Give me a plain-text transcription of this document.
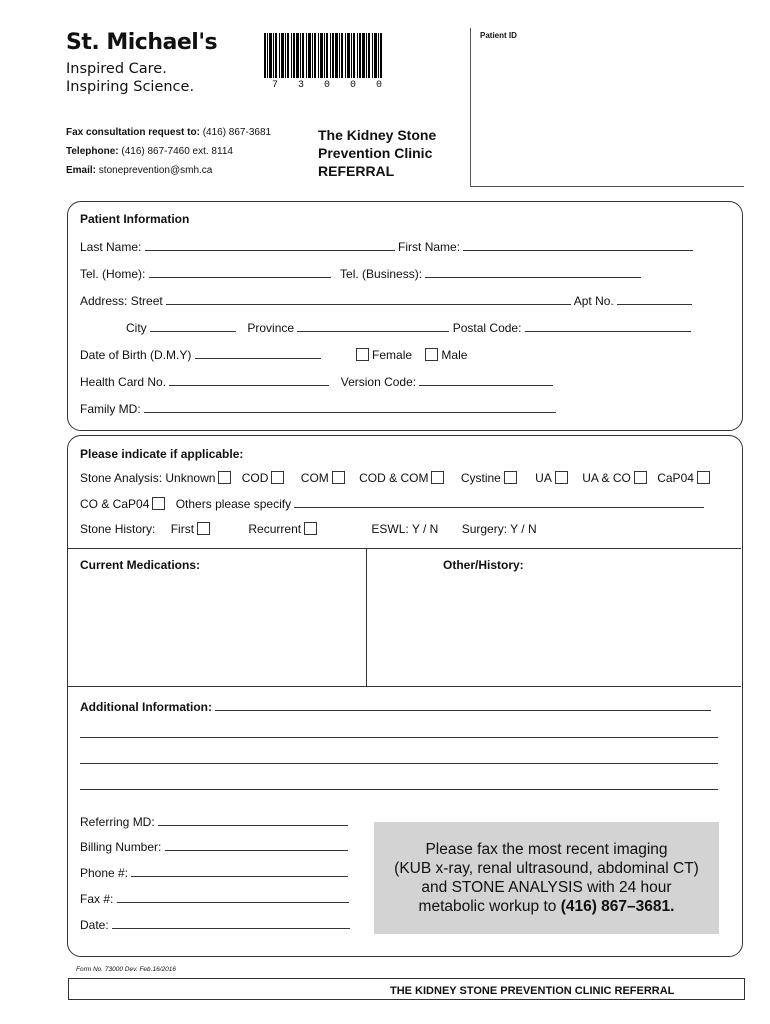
St. Michael's
Inspired Care.
Inspiring Science.	7 3 0 0 0
Patient ID
Fax consultation request to: (416) 867-3681
Telephone: (416) 867-7460 ext. 8114
Email: stoneprevention@smh.ca
The Kidney Stone
Prevention Clinic
REFERRAL
Patient Information
Last Name:	First Name:
Tel. (Home):	Tel. (Business):
Address: Street	Apt No.
City	Province	Postal Code:
Date of Birth (D.M.Y)	Female Male
Health Card No.	Version Code:
Family MD:
Please indicate if applicable:
Stone Analysis: Unknown COD	COM	COD & COM	Cystine	UA	UA & CO CaP04
CO & CaP04 Others please specify
Stone History: First	Recurrent	ESWL: Y / N Surgery: Y / N
Current Medications:	Other/History:
Additional Information:
Referring MD:
Billing Number:
Phone #:
Fax #:
Date:
Please fax the most recent imaging
(KUB x-ray, renal ultrasound, abdominal CT)
and STONE ANALYSIS with 24 hour
metabolic workup to (416) 867–3681.
Form No. 73000 Dev. Feb.16/2016
THE KIDNEY STONE PREVENTION CLINIC REFERRAL
